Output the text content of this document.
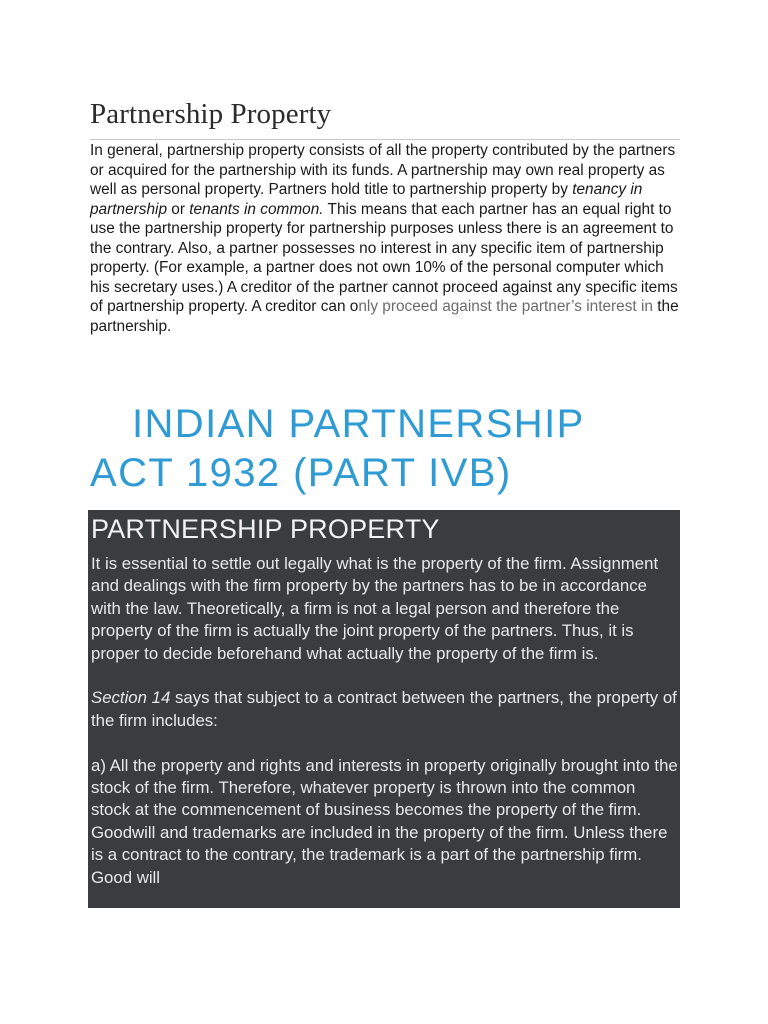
Partnership Property

In general, partnership property consists of all the property contributed by the partners or acquired for the partnership with its funds. A partnership may own real property as well as personal property. Partners hold title to partnership property by tenancy in partnership or tenants in common. This means that each partner has an equal right to use the partnership property for partnership purposes unless there is an agreement to the contrary. Also, a partner possesses no interest in any specific item of partnership property. (For example, a partner does not own 10% of the personal computer which his secretary uses.) A creditor of the partner cannot proceed against any specific items of partnership property. A creditor can only proceed against the partner’s interest in the partnership.

INDIAN PARTNERSHIP
ACT 1932 (PART IVB)
PARTNERSHIP PROPERTY

It is essential to settle out legally what is the property of the firm. Assignment and dealings with the firm property by the partners has to be in accordance with the law. Theoretically, a firm is not a legal person and therefore the property of the firm is actually the joint property of the partners. Thus, it is proper to decide beforehand what actually the property of the firm is.

Section 14 says that subject to a contract between the partners, the property of the firm includes:

a) All the property and rights and interests in property originally brought into the stock of the firm. Therefore, whatever property is thrown into the common stock at the commencement of business becomes the property of the firm. Goodwill and trademarks are included in the property of the firm. Unless there is a contract to the contrary, the trademark is a part of the partnership firm. Good will
